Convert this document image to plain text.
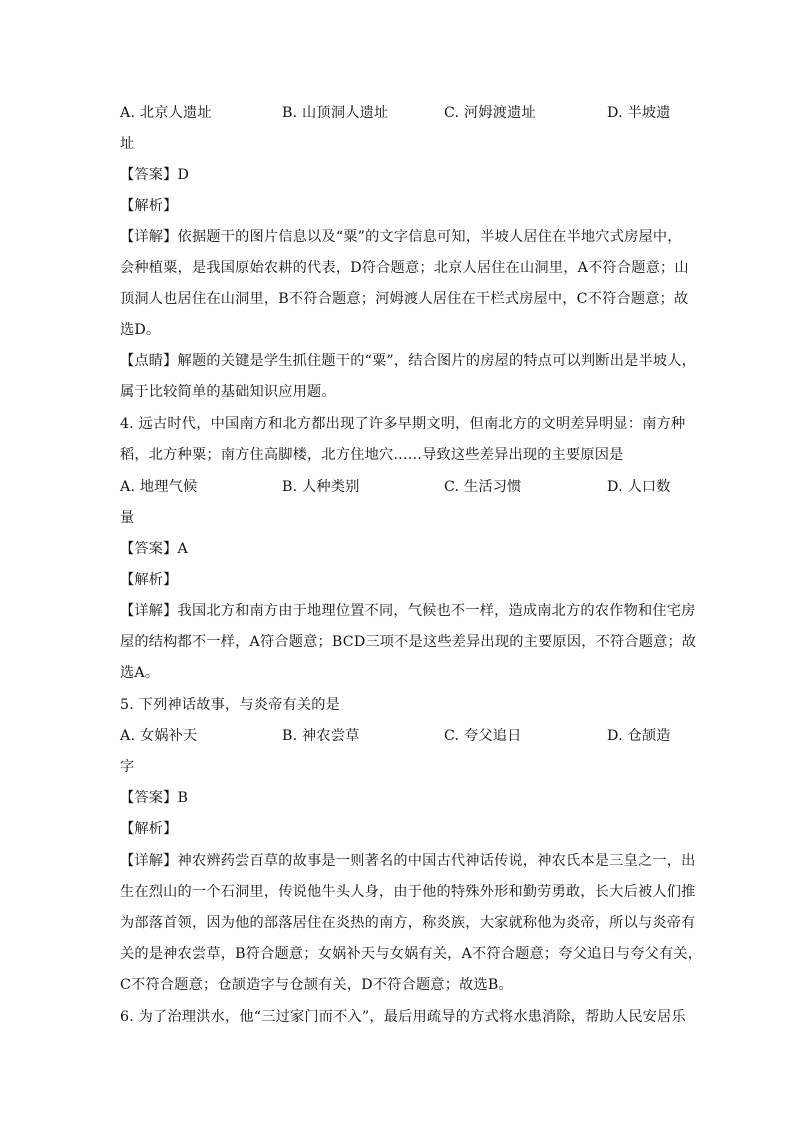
A. 北京人遗址	B. 山顶洞人遗址	C. 河姆渡遗址	D. 半坡遗
址
【答案】D
【解析】
【详解】依据题干的图片信息以及“粟”的文字信息可知，半坡人居住在半地穴式房屋中，
会种植粟，是我国原始农耕的代表，D符合题意；北京人居住在山洞里，A不符合题意；山
顶洞人也居住在山洞里，B不符合题意；河姆渡人居住在干栏式房屋中，C不符合题意；故
选D。
【点睛】解题的关键是学生抓住题干的“粟”，结合图片的房屋的特点可以判断出是半坡人，
属于比较简单的基础知识应用题。
4. 远古时代，中国南方和北方都出现了许多早期文明，但南北方的文明差异明显：南方种
稻，北方种粟；南方住高脚楼，北方住地穴……导致这些差异出现的主要原因是
A. 地理气候	B. 人种类别	C. 生活习惯	D. 人口数
量
【答案】A
【解析】
【详解】我国北方和南方由于地理位置不同，气候也不一样，造成南北方的农作物和住宅房
屋的结构都不一样，A符合题意；BCD三项不是这些差异出现的主要原因，不符合题意；故
选A。
5. 下列神话故事，与炎帝有关的是
A. 女娲补天	B. 神农尝草	C. 夸父追日	D. 仓颉造
字
【答案】B
【解析】
【详解】神农辨药尝百草的故事是一则著名的中国古代神话传说，神农氏本是三皇之一，出
生在烈山的一个石洞里，传说他牛头人身，由于他的特殊外形和勤劳勇敢，长大后被人们推
为部落首领，因为他的部落居住在炎热的南方，称炎族，大家就称他为炎帝，所以与炎帝有
关的是神农尝草，B符合题意；女娲补天与女娲有关，A不符合题意；夸父追日与夸父有关，
C不符合题意；仓颉造字与仓颉有关，D不符合题意；故选B。
6. 为了治理洪水，他“三过家门而不入”，最后用疏导的方式将水患消除，帮助人民安居乐
